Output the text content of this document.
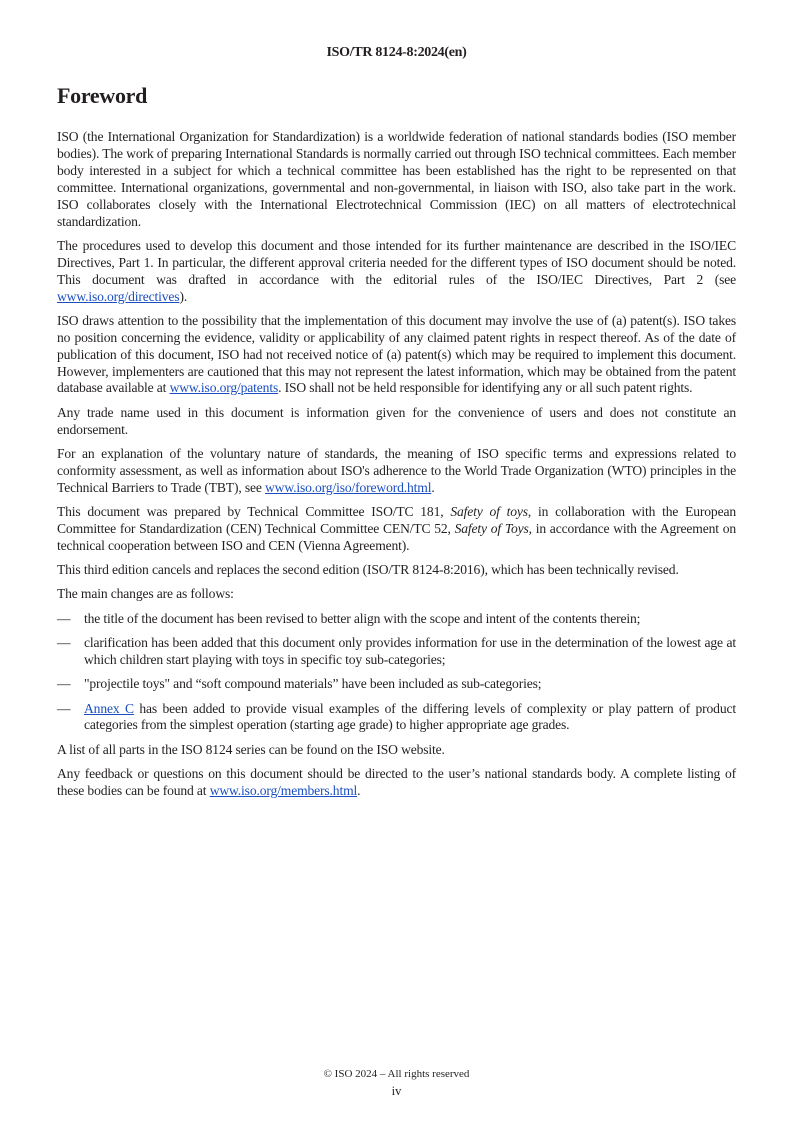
ISO/TR 8124-8:2024(en)
Foreword

ISO (the International Organization for Standardization) is a worldwide federation of national standards bodies (ISO member bodies). The work of preparing International Standards is normally carried out through ISO technical committees. Each member body interested in a subject for which a technical committee has been established has the right to be represented on that committee. International organizations, governmental and non-governmental, in liaison with ISO, also take part in the work. ISO collaborates closely with the International Electrotechnical Commission (IEC) on all matters of electrotechnical standardization.

The procedures used to develop this document and those intended for its further maintenance are described in the ISO/IEC Directives, Part 1. In particular, the different approval criteria needed for the different types of ISO document should be noted. This document was drafted in accordance with the editorial rules of the ISO/IEC Directives, Part 2 (see www.iso.org/directives).

ISO draws attention to the possibility that the implementation of this document may involve the use of (a) patent(s). ISO takes no position concerning the evidence, validity or applicability of any claimed patent rights in respect thereof. As of the date of publication of this document, ISO had not received notice of (a) patent(s) which may be required to implement this document. However, implementers are cautioned that this may not represent the latest information, which may be obtained from the patent database available at www.iso.org/patents. ISO shall not be held responsible for identifying any or all such patent rights.

Any trade name used in this document is information given for the convenience of users and does not constitute an endorsement.

For an explanation of the voluntary nature of standards, the meaning of ISO specific terms and expressions related to conformity assessment, as well as information about ISO's adherence to the World Trade Organization (WTO) principles in the Technical Barriers to Trade (TBT), see www.iso.org/iso/foreword.html.

This document was prepared by Technical Committee ISO/TC 181, Safety of toys, in collaboration with the European Committee for Standardization (CEN) Technical Committee CEN/TC 52, Safety of Toys, in accordance with the Agreement on technical cooperation between ISO and CEN (Vienna Agreement).

This third edition cancels and replaces the second edition (ISO/TR 8124-8:2016), which has been technically revised.

The main changes are as follows:

— the title of the document has been revised to better align with the scope and intent of the contents therein;
— clarification has been added that this document only provides information for use in the determination of the lowest age at which children start playing with toys in specific toy sub-categories;
— "projectile toys" and “soft compound materials” have been included as sub-categories;
— Annex C has been added to provide visual examples of the differing levels of complexity or play pattern of product categories from the simplest operation (starting age grade) to higher appropriate age grades.

A list of all parts in the ISO 8124 series can be found on the ISO website.

Any feedback or questions on this document should be directed to the user’s national standards body. A complete listing of these bodies can be found at www.iso.org/members.html.

© ISO 2024 – All rights reserved
iv
